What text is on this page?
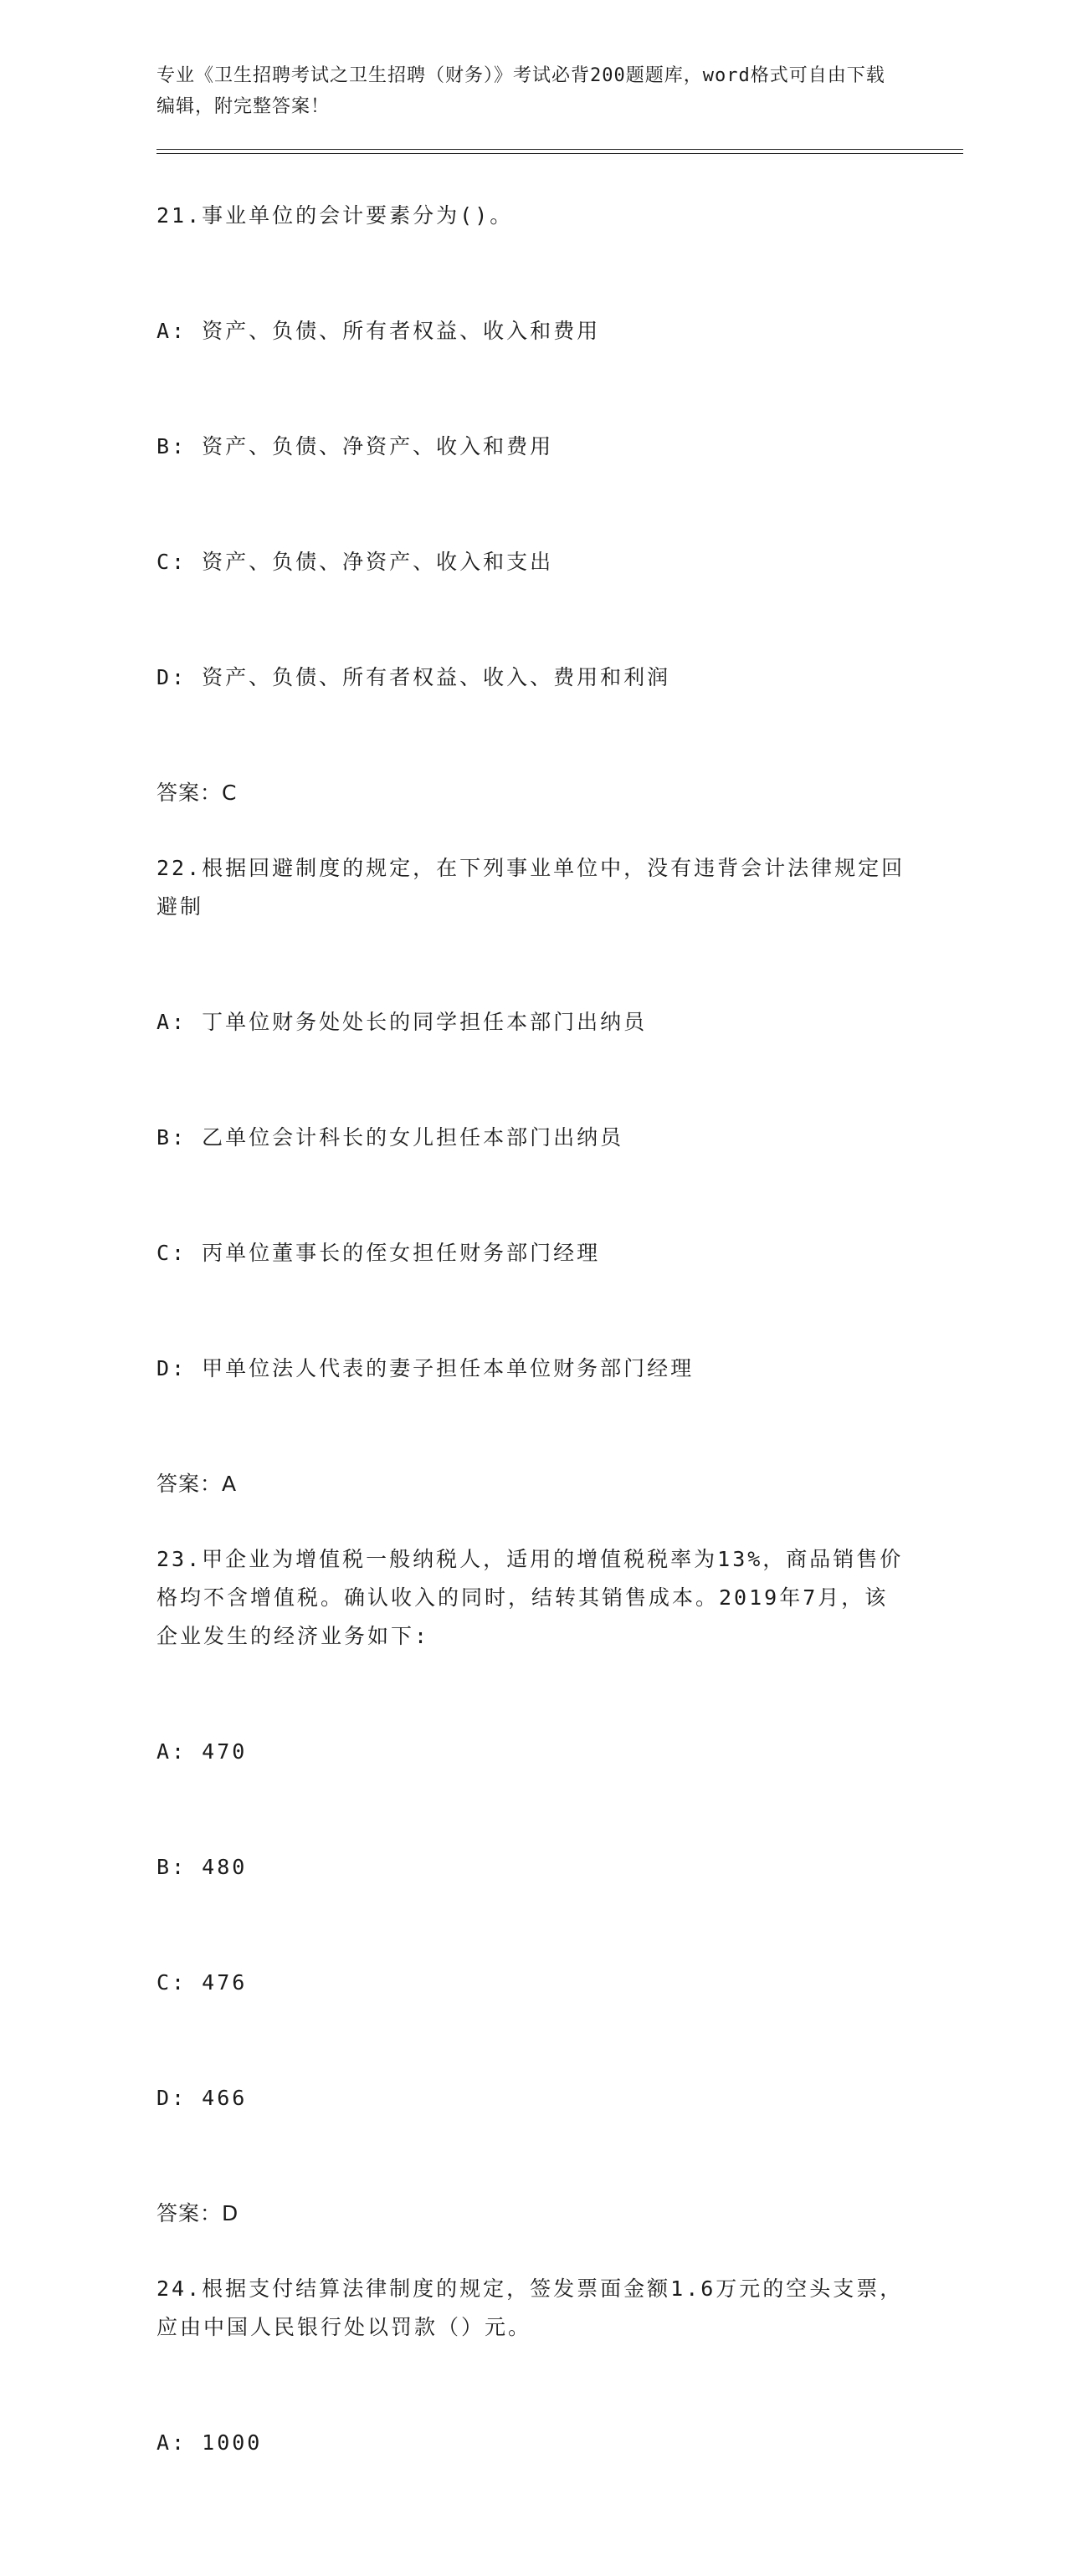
专业《卫生招聘考试之卫生招聘（财务）》考试必背200题题库，word格式可自由下载编辑，附完整答案！
21.事业单位的会计要素分为()。

A: 资产、负债、所有者权益、收入和费用

B: 资产、负债、净资产、收入和费用

C: 资产、负债、净资产、收入和支出

D: 资产、负债、所有者权益、收入、费用和利润

答案：C
22.根据回避制度的规定，在下列事业单位中，没有违背会计法律规定回避制

A: 丁单位财务处处长的同学担任本部门出纳员

B: 乙单位会计科长的女儿担任本部门出纳员

C: 丙单位董事长的侄女担任财务部门经理

D: 甲单位法人代表的妻子担任本单位财务部门经理

答案：A
23.甲企业为增值税一般纳税人，适用的增值税税率为13%，商品销售价格均不含增值税。确认收入的同时，结转其销售成本。2019年7月，该企业发生的经济业务如下:

A: 470

B: 480

C: 476

D: 466

答案：D
24.根据支付结算法律制度的规定，签发票面金额1.6万元的空头支票，应由中国人民银行处以罚款（）元。

A: 1000
